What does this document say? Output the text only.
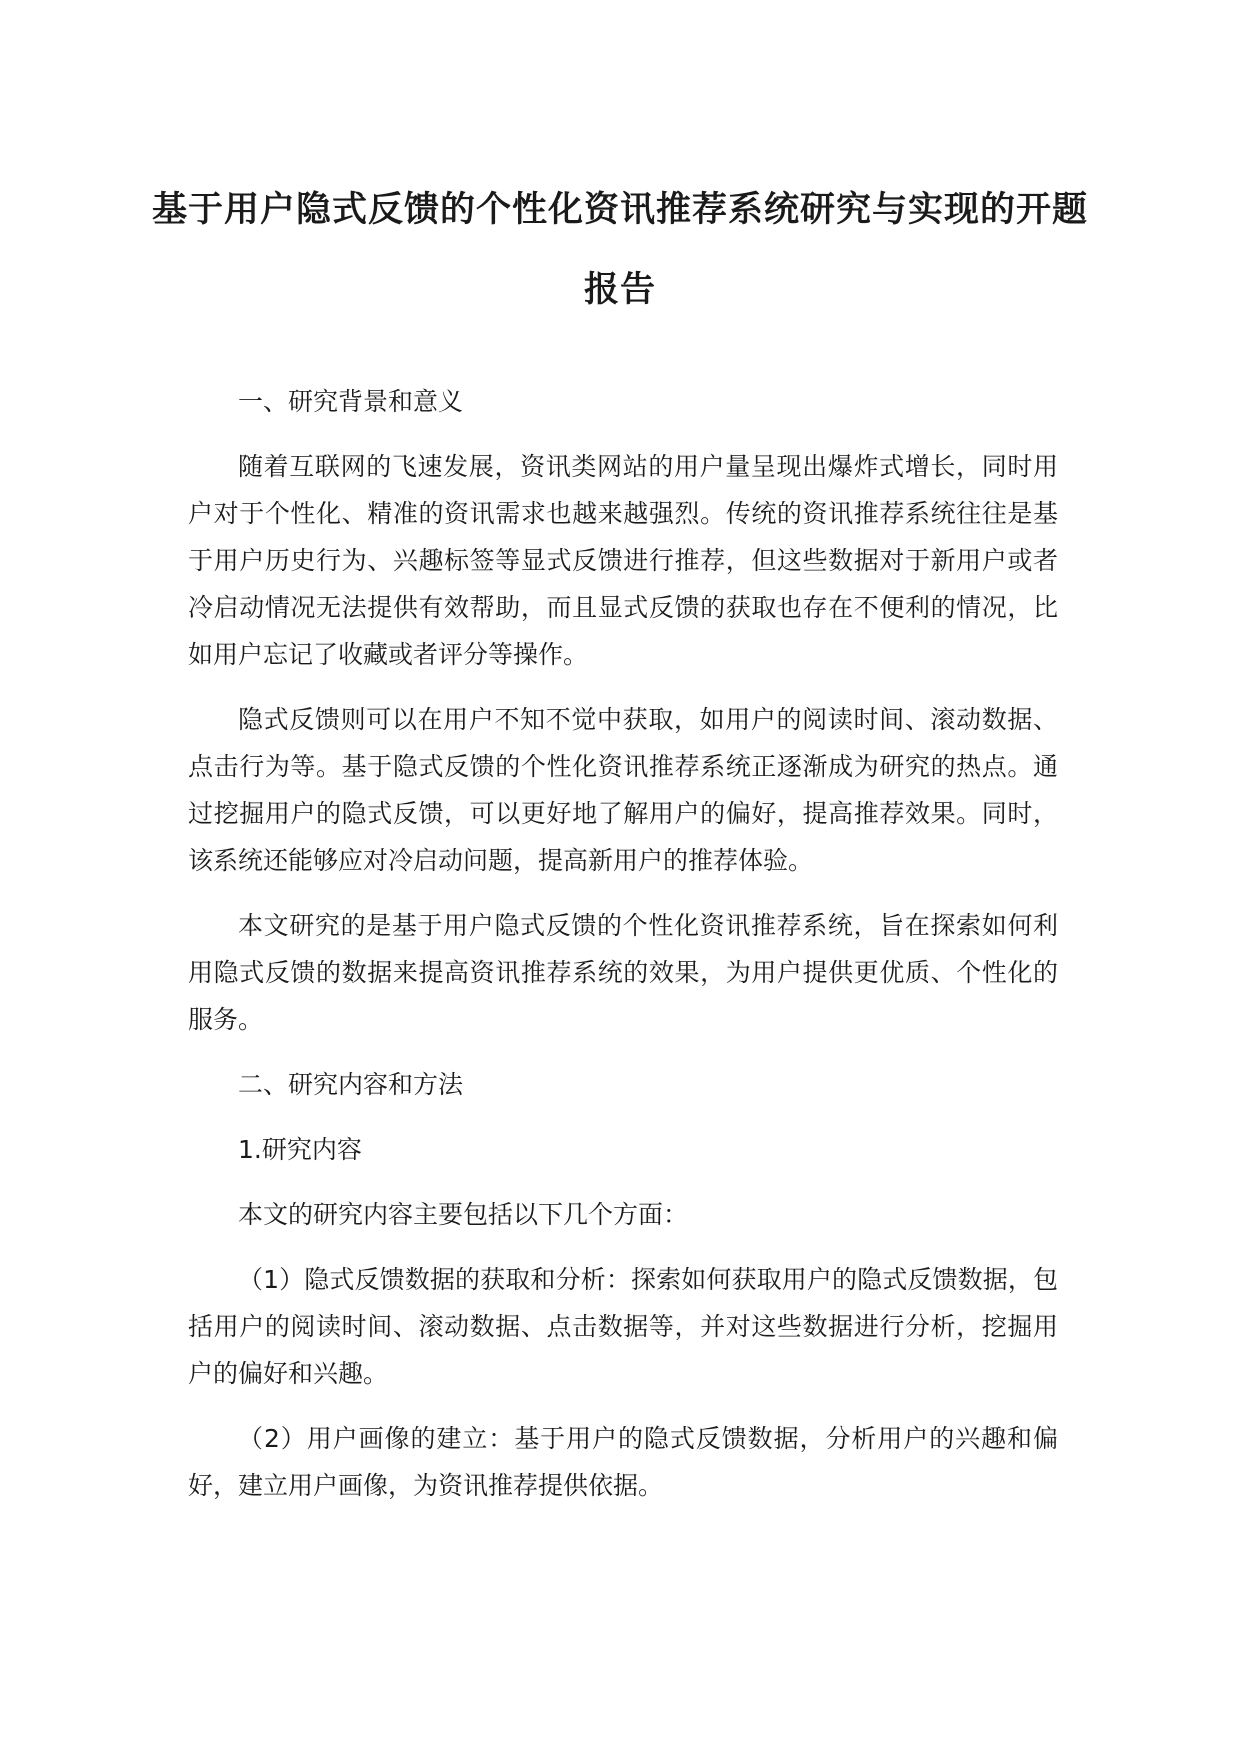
基于用户隐式反馈的个性化资讯推荐系统研究与实现的开题报告

一、研究背景和意义

随着互联网的飞速发展，资讯类网站的用户量呈现出爆炸式增长，同时用户对于个性化、精准的资讯需求也越来越强烈。传统的资讯推荐系统往往是基于用户历史行为、兴趣标签等显式反馈进行推荐，但这些数据对于新用户或者冷启动情况无法提供有效帮助，而且显式反馈的获取也存在不便利的情况，比如用户忘记了收藏或者评分等操作。

隐式反馈则可以在用户不知不觉中获取，如用户的阅读时间、滚动数据、点击行为等。基于隐式反馈的个性化资讯推荐系统正逐渐成为研究的热点。通过挖掘用户的隐式反馈，可以更好地了解用户的偏好，提高推荐效果。同时，该系统还能够应对冷启动问题，提高新用户的推荐体验。

本文研究的是基于用户隐式反馈的个性化资讯推荐系统，旨在探索如何利用隐式反馈的数据来提高资讯推荐系统的效果，为用户提供更优质、个性化的服务。

二、研究内容和方法

1.研究内容

本文的研究内容主要包括以下几个方面：

（1）隐式反馈数据的获取和分析：探索如何获取用户的隐式反馈数据，包括用户的阅读时间、滚动数据、点击数据等，并对这些数据进行分析，挖掘用户的偏好和兴趣。

（2）用户画像的建立：基于用户的隐式反馈数据，分析用户的兴趣和偏好，建立用户画像，为资讯推荐提供依据。
